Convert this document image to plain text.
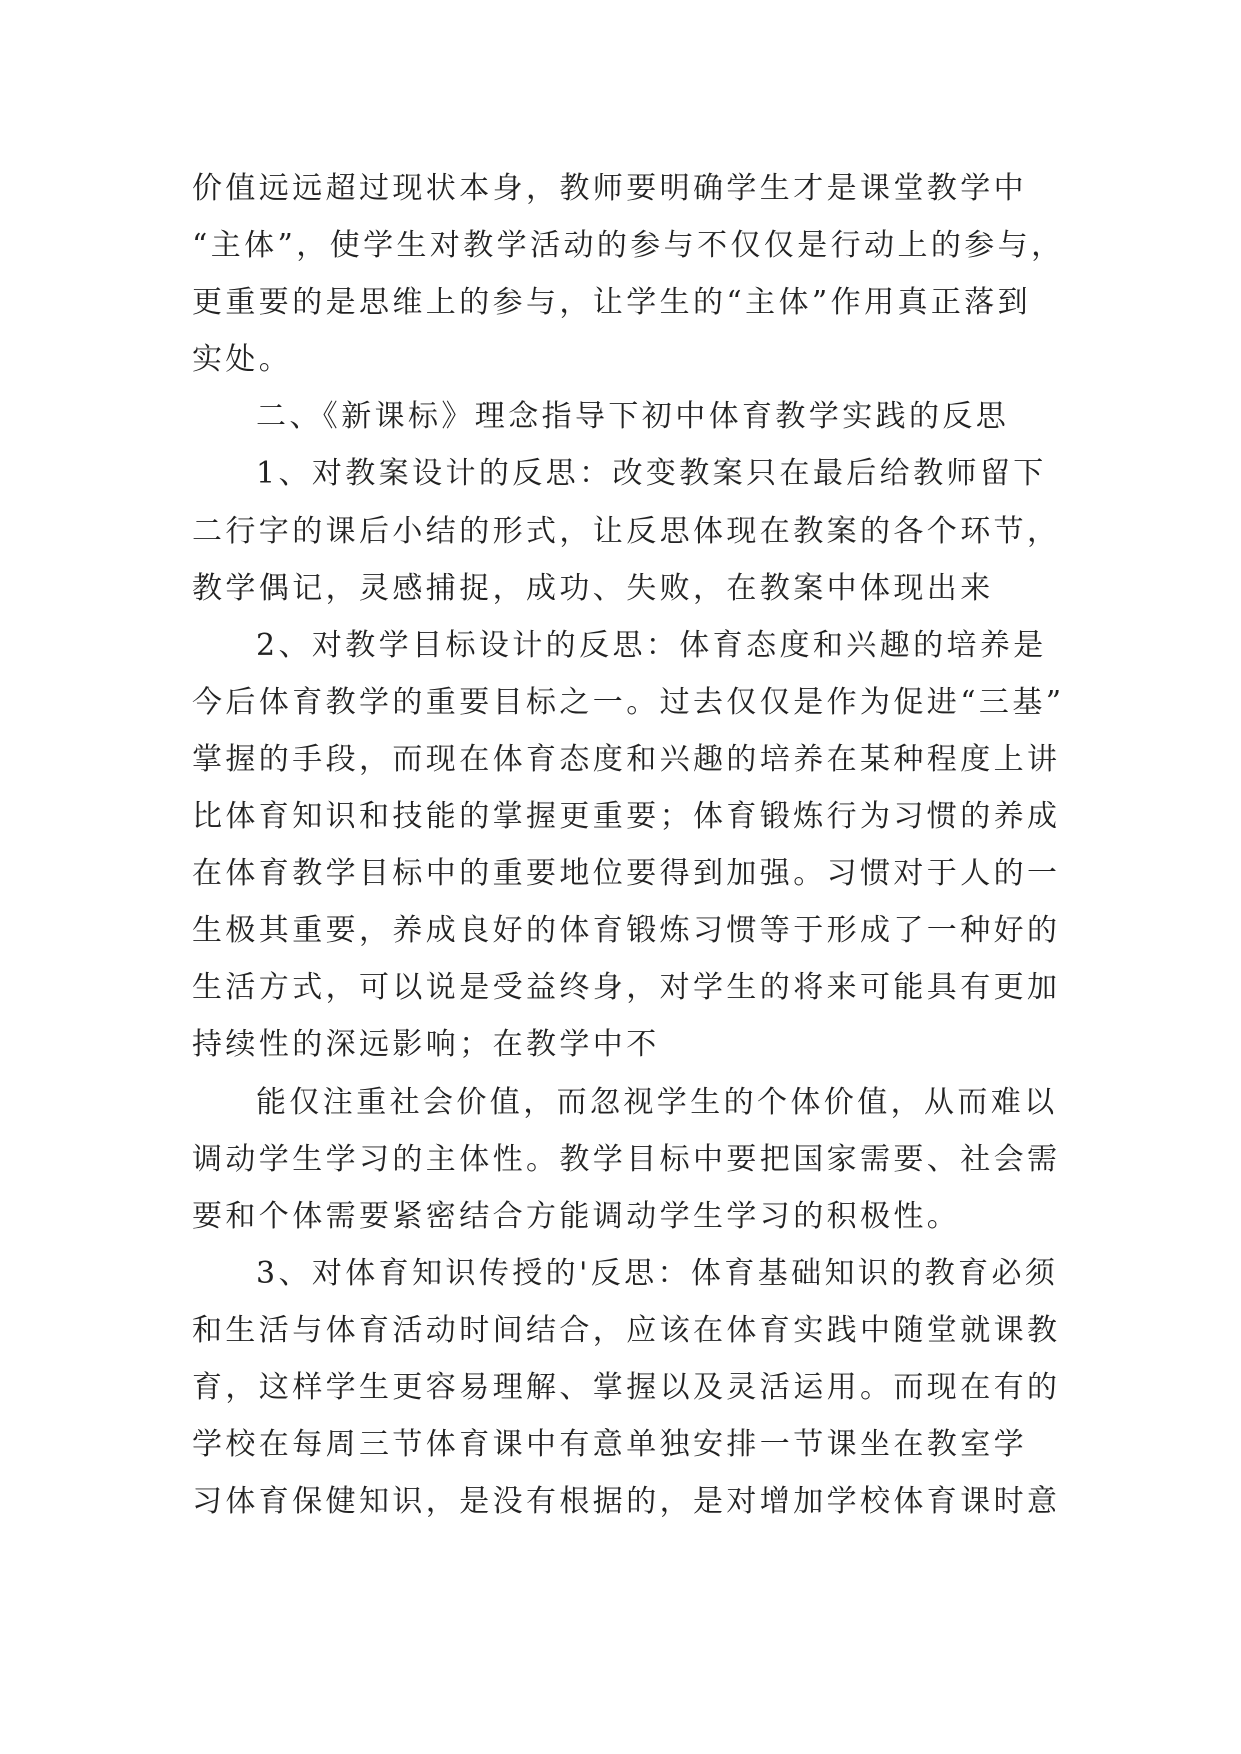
价值远远超过现状本身，教师要明确学生才是课堂教学中
“主体”，使学生对教学活动的参与不仅仅是行动上的参与，
更重要的是思维上的参与，让学生的“主体”作用真正落到
实处。
二、《新课标》理念指导下初中体育教学实践的反思
1、对教案设计的反思：改变教案只在最后给教师留下
二行字的课后小结的形式，让反思体现在教案的各个环节，
教学偶记，灵感捕捉，成功、失败，在教案中体现出来
2、对教学目标设计的反思：体育态度和兴趣的培养是
今后体育教学的重要目标之一。过去仅仅是作为促进“三基”
掌握的手段，而现在体育态度和兴趣的培养在某种程度上讲
比体育知识和技能的掌握更重要；体育锻炼行为习惯的养成
在体育教学目标中的重要地位要得到加强。习惯对于人的一
生极其重要，养成良好的体育锻炼习惯等于形成了一种好的
生活方式，可以说是受益终身，对学生的将来可能具有更加
持续性的深远影响；在教学中不
能仅注重社会价值，而忽视学生的个体价值，从而难以
调动学生学习的主体性。教学目标中要把国家需要、社会需
要和个体需要紧密结合方能调动学生学习的积极性。
3、对体育知识传授的'反思：体育基础知识的教育必须
和生活与体育活动时间结合，应该在体育实践中随堂就课教
育，这样学生更容易理解、掌握以及灵活运用。而现在有的
学校在每周三节体育课中有意单独安排一节课坐在教室学
习体育保健知识，是没有根据的，是对增加学校体育课时意
